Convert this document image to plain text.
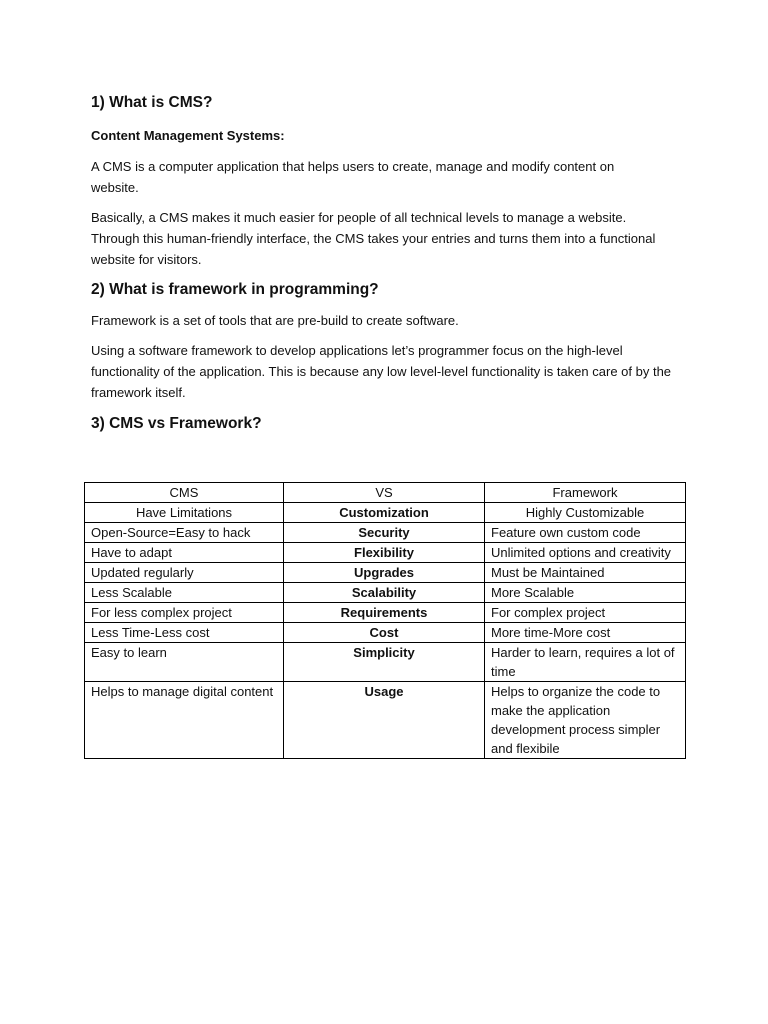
1) What is CMS?

Content Management Systems:

A CMS is a computer application that helps users to create, manage and modify content on website.

Basically, a CMS makes it much easier for people of all technical levels to manage a website. Through this human-friendly interface, the CMS takes your entries and turns them into a functional website for visitors.

2) What is framework in programming?

Framework is a set of tools that are pre-build to create software.

Using a software framework to develop applications let’s programmer focus on the high-level functionality of the application. This is because any low level-level functionality is taken care of by the framework itself.

3) CMS vs Framework?
CMS	VS	Framework
Have Limitations	Customization	Highly Customizable
Open-Source=Easy to hack	Security	Feature own custom code
Have to adapt	Flexibility	Unlimited options and creativity
Updated regularly	Upgrades	Must be Maintained
Less Scalable	Scalability	More Scalable
For less complex project	Requirements	For complex project
Less Time-Less cost	Cost	More time-More cost
Easy to learn	Simplicity	Harder to learn, requires a lot of time
Helps to manage digital content	Usage	Helps to organize the code to make the application development process simpler and flexibile
